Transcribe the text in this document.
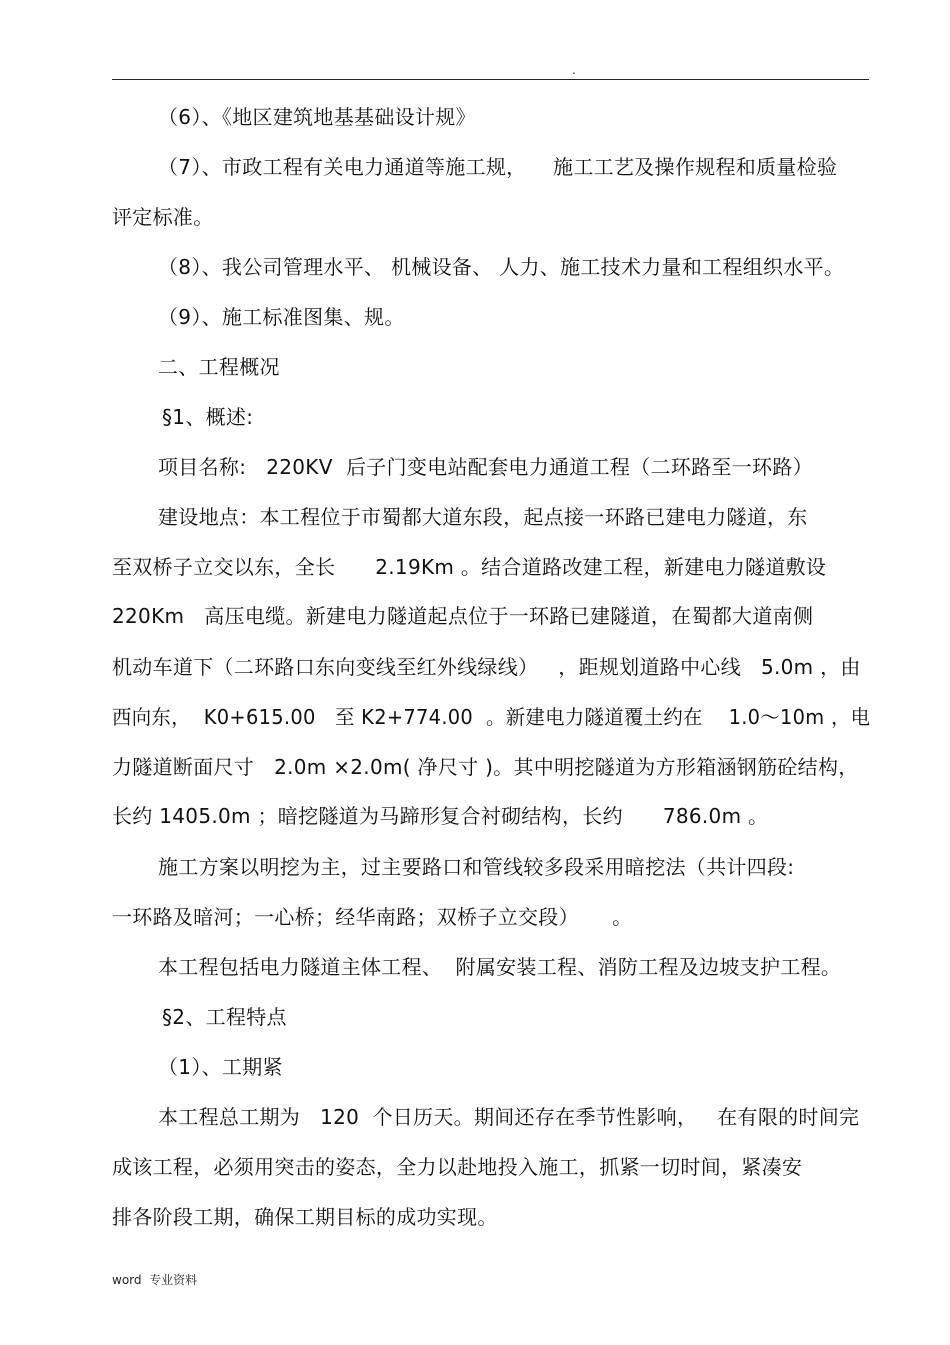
.
（6）、《地区建筑地基基础设计规》
（7）、市政工程有关电力通道等施工规，    施工工艺及操作规程和质量检验
评定标准。
（8）、我公司管理水平、 机械设备、 人力、施工技术力量和工程组织水平。
（9）、施工标准图集、规。
二、工程概况
§1、概述:
项目名称:   220KV  后子门变电站配套电力通道工程（二环路至一环路）
建设地点：本工程位于市蜀都大道东段，起点接一环路已建电力隧道，东
至双桥子立交以东，全长      2.19Km 。结合道路改建工程，新建电力隧道敷设
220Km   高压电缆。新建电力隧道起点位于一环路已建隧道，在蜀都大道南侧
机动车道下（二环路口东向变线至红外线绿线）   ，距规划道路中心线   5.0m ，由
西向东，  K0+615.00   至 K2+774.00  。新建电力隧道覆土约在    1.0～10m ，电
力隧道断面尺寸   2.0m ×2.0m( 净尺寸 )。其中明挖隧道为方形箱涵钢筋砼结构，
长约 1405.0m ；暗挖隧道为马蹄形复合衬砌结构，长约      786.0m 。
施工方案以明挖为主，过主要路口和管线较多段采用暗挖法（共计四段:
一环路及暗河；一心桥；经华南路；双桥子立交段）     。
本工程包括电力隧道主体工程、  附属安装工程、消防工程及边坡支护工程。
§2、工程特点
（1）、工期紧
本工程总工期为   120  个日历天。期间还存在季节性影响，   在有限的时间完
成该工程，必须用突击的姿态，全力以赴地投入施工，抓紧一切时间，紧凑安
排各阶段工期，确保工期目标的成功实现。
word  专业资料
